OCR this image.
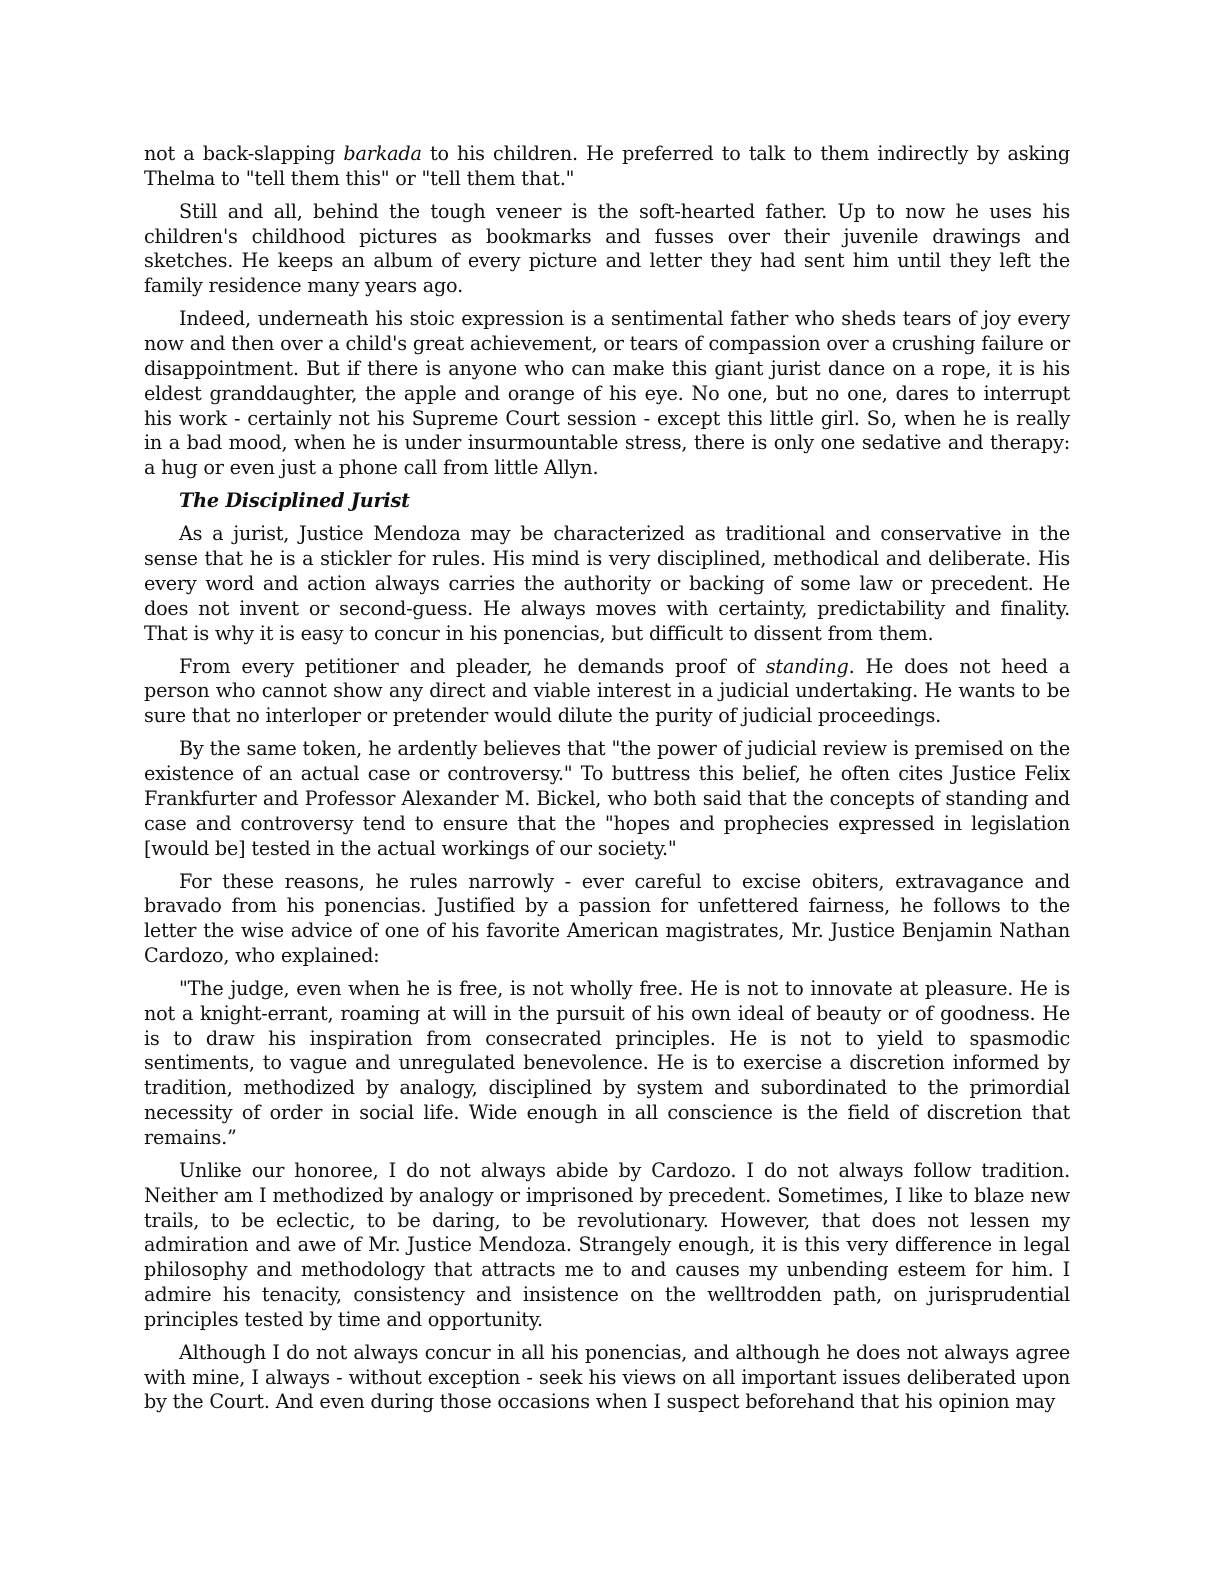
not a back-slapping barkada to his children. He preferred to talk to them indirectly by asking Thelma to "tell them this" or "tell them that."

Still and all, behind the tough veneer is the soft-hearted father. Up to now he uses his children's childhood pictures as bookmarks and fusses over their juvenile drawings and sketches. He keeps an album of every picture and letter they had sent him until they left the family residence many years ago.

Indeed, underneath his stoic expression is a sentimental father who sheds tears of joy every now and then over a child's great achievement, or tears of compassion over a crushing failure or disappointment. But if there is anyone who can make this giant jurist dance on a rope, it is his eldest granddaughter, the apple and orange of his eye. No one, but no one, dares to interrupt his work - certainly not his Supreme Court session - except this little girl. So, when he is really in a bad mood, when he is under insurmountable stress, there is only one sedative and therapy: a hug or even just a phone call from little Allyn.

The Disciplined Jurist

As a jurist, Justice Mendoza may be characterized as traditional and conservative in the sense that he is a stickler for rules. His mind is very disciplined, methodical and deliberate. His every word and action always carries the authority or backing of some law or precedent. He does not invent or second-guess. He always moves with certainty, predictability and finality. That is why it is easy to concur in his ponencias, but difficult to dissent from them.

From every petitioner and pleader, he demands proof of standing. He does not heed a person who cannot show any direct and viable interest in a judicial undertaking. He wants to be sure that no interloper or pretender would dilute the purity of judicial proceedings.

By the same token, he ardently believes that "the power of judicial review is premised on the existence of an actual case or controversy." To buttress this belief, he often cites Justice Felix Frankfurter and Professor Alexander M. Bickel, who both said that the concepts of standing and case and controversy tend to ensure that the "hopes and prophecies expressed in legislation [would be] tested in the actual workings of our society."

For these reasons, he rules narrowly - ever careful to excise obiters, extravagance and bravado from his ponencias. Justified by a passion for unfettered fairness, he follows to the letter the wise advice of one of his favorite American magistrates, Mr. Justice Benjamin Nathan Cardozo, who explained:

"The judge, even when he is free, is not wholly free. He is not to innovate at pleasure. He is not a knight-errant, roaming at will in the pursuit of his own ideal of beauty or of goodness. He is to draw his inspiration from consecrated principles. He is not to yield to spasmodic sentiments, to vague and unregulated benevolence. He is to exercise a discretion informed by tradition, methodized by analogy, disciplined by system and subordinated to the primordial necessity of order in social life. Wide enough in all conscience is the field of discretion that remains.”

Unlike our honoree, I do not always abide by Cardozo. I do not always follow tradition. Neither am I methodized by analogy or imprisoned by precedent. Sometimes, I like to blaze new trails, to be eclectic, to be daring, to be revolutionary. However, that does not lessen my admiration and awe of Mr. Justice Mendoza. Strangely enough, it is this very difference in legal philosophy and methodology that attracts me to and causes my unbending esteem for him. I admire his tenacity, consistency and insistence on the welltrodden path, on jurisprudential principles tested by time and opportunity.

Although I do not always concur in all his ponencias, and although he does not always agree with mine, I always - without exception - seek his views on all important issues deliberated upon by the Court. And even during those occasions when I suspect beforehand that his opinion may
